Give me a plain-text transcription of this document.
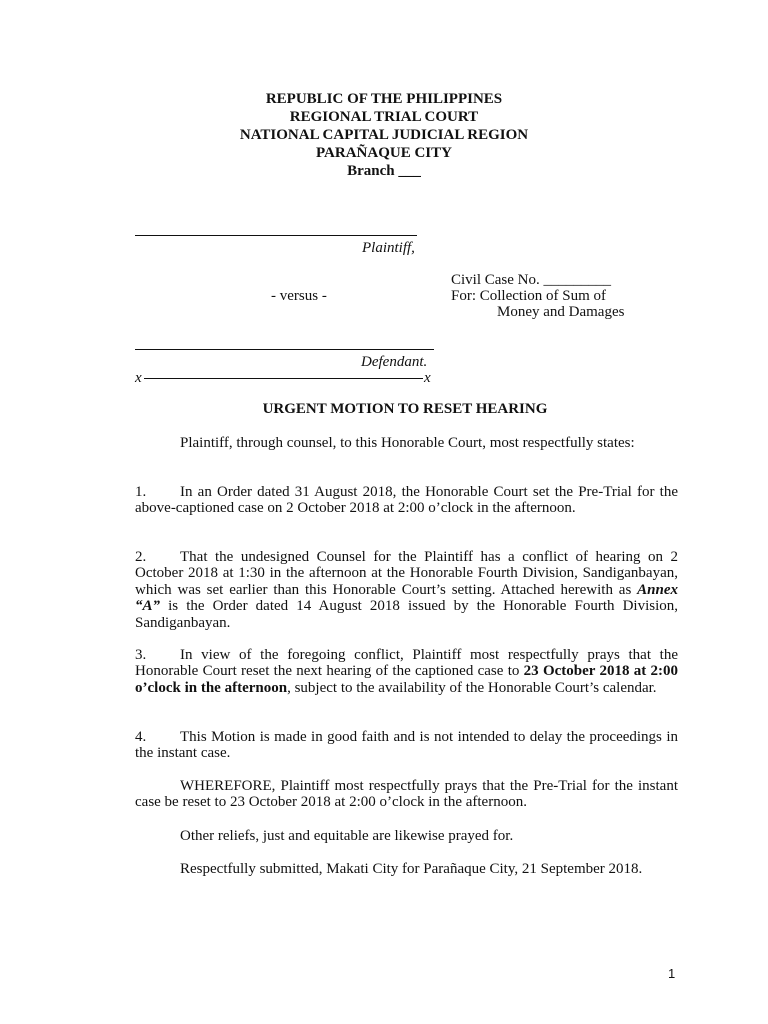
REPUBLIC OF THE PHILIPPINES
REGIONAL TRIAL COURT
NATIONAL CAPITAL JUDICIAL REGION
PARAÑAQUE CITY
Branch ___
Plaintiff,
Civil Case No. _________
- versus -	For: Collection of Sum of
Money and Damages
Defendant.
x	x
URGENT MOTION TO RESET HEARING

Plaintiff, through counsel, to this Honorable Court, most respectfully states:

1. In an Order dated 31 August 2018, the Honorable Court set the Pre-Trial for the above-captioned case on 2 October 2018 at 2:00 o’clock in the afternoon.

2. That the undesigned Counsel for the Plaintiff has a conflict of hearing on 2 October 2018 at 1:30 in the afternoon at the Honorable Fourth Division, Sandiganbayan, which was set earlier than this Honorable Court’s setting. Attached herewith as Annex “A” is the Order dated 14 August 2018 issued by the Honorable Fourth Division, Sandiganbayan.

3. In view of the foregoing conflict, Plaintiff most respectfully prays that the Honorable Court reset the next hearing of the captioned case to 23 October 2018 at 2:00 o’clock in the afternoon, subject to the availability of the Honorable Court’s calendar.

4. This Motion is made in good faith and is not intended to delay the proceedings in the instant case.

WHEREFORE, Plaintiff most respectfully prays that the Pre-Trial for the instant case be reset to 23 October 2018 at 2:00 o’clock in the afternoon.

Other reliefs, just and equitable are likewise prayed for.

Respectfully submitted, Makati City for Parañaque City, 21 September 2018.

1
